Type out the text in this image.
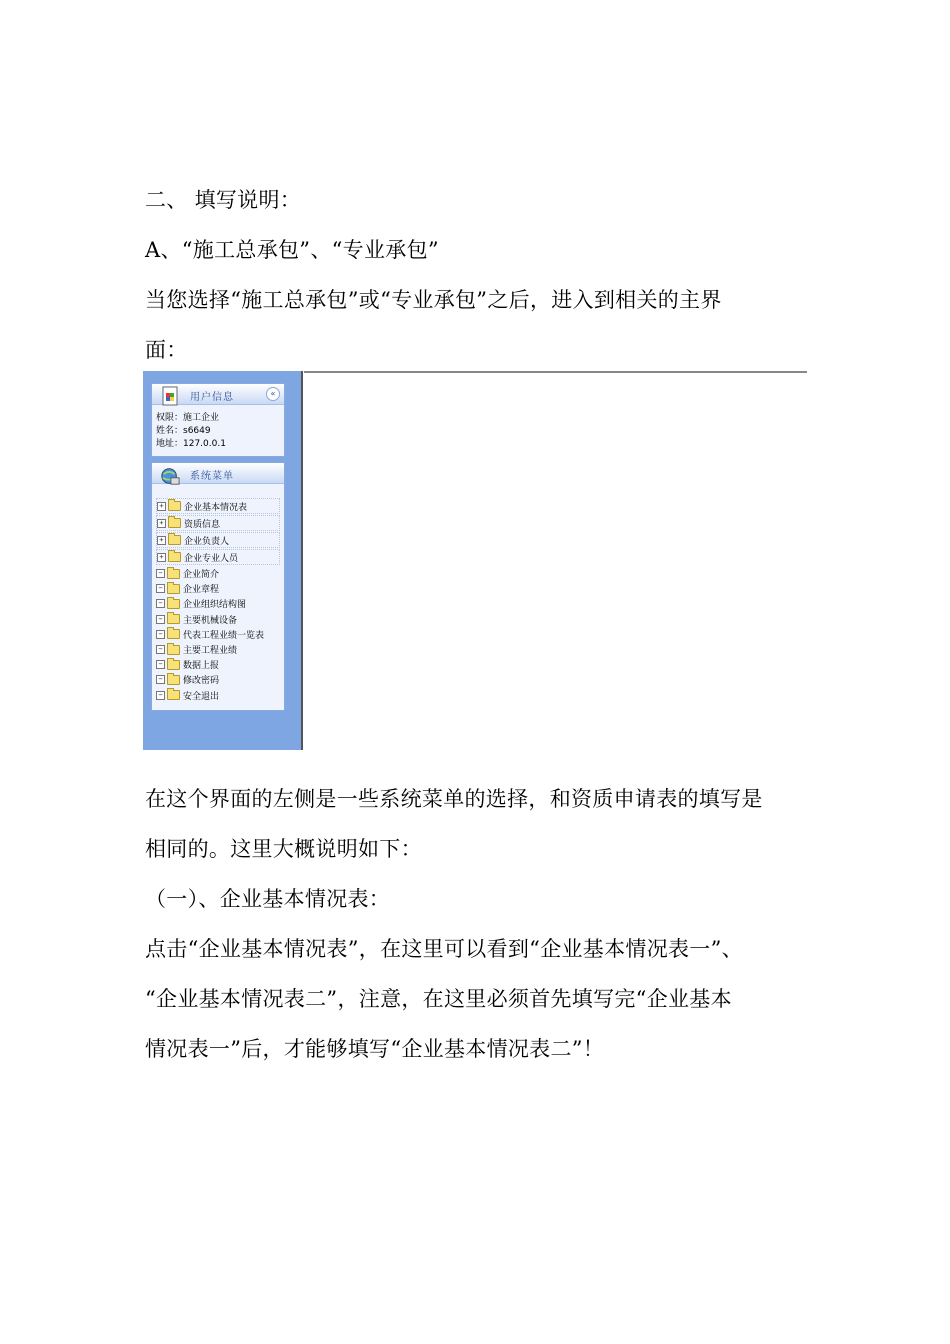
二、 填写说明：

A、“施工总承包”、“专业承包”

当您选择“施工总承包”或“专业承包”之后，进入到相关的主界

面：

用户信息	«
权限：施工企业
姓名：s6649
地址：127.0.0.1
系统菜单
+ 企业基本情况表
+ 资质信息
+ 企业负责人
+ 企业专业人员
− 企业简介
− 企业章程
− 企业组织结构图
− 主要机械设备
− 代表工程业绩一览表
− 主要工程业绩
− 数据上报
− 修改密码
− 安全退出

在这个界面的左侧是一些系统菜单的选择，和资质申请表的填写是

相同的。这里大概说明如下：

（一）、企业基本情况表：

点击“企业基本情况表”，在这里可以看到“企业基本情况表一”、

“企业基本情况表二”，注意，在这里必须首先填写完“企业基本

情况表一”后，才能够填写“企业基本情况表二”！
